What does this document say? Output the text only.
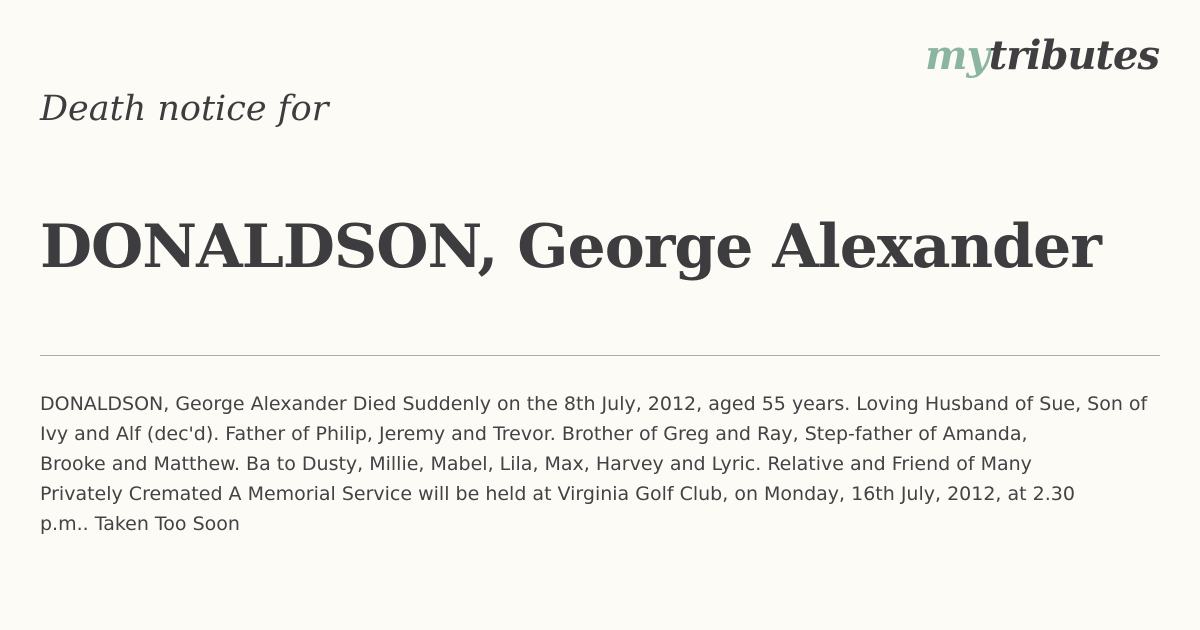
mytributes
Death notice for
DONALDSON, George Alexander

DONALDSON, George Alexander Died Suddenly on the 8th July, 2012, aged 55 years. Loving Husband of Sue, Son of
Ivy and Alf (dec'd). Father of Philip, Jeremy and Trevor. Brother of Greg and Ray, Step-father of Amanda,
Brooke and Matthew. Ba to Dusty, Millie, Mabel, Lila, Max, Harvey and Lyric. Relative and Friend of Many
Privately Cremated A Memorial Service will be held at Virginia Golf Club, on Monday, 16th July, 2012, at 2.30
p.m.. Taken Too Soon
